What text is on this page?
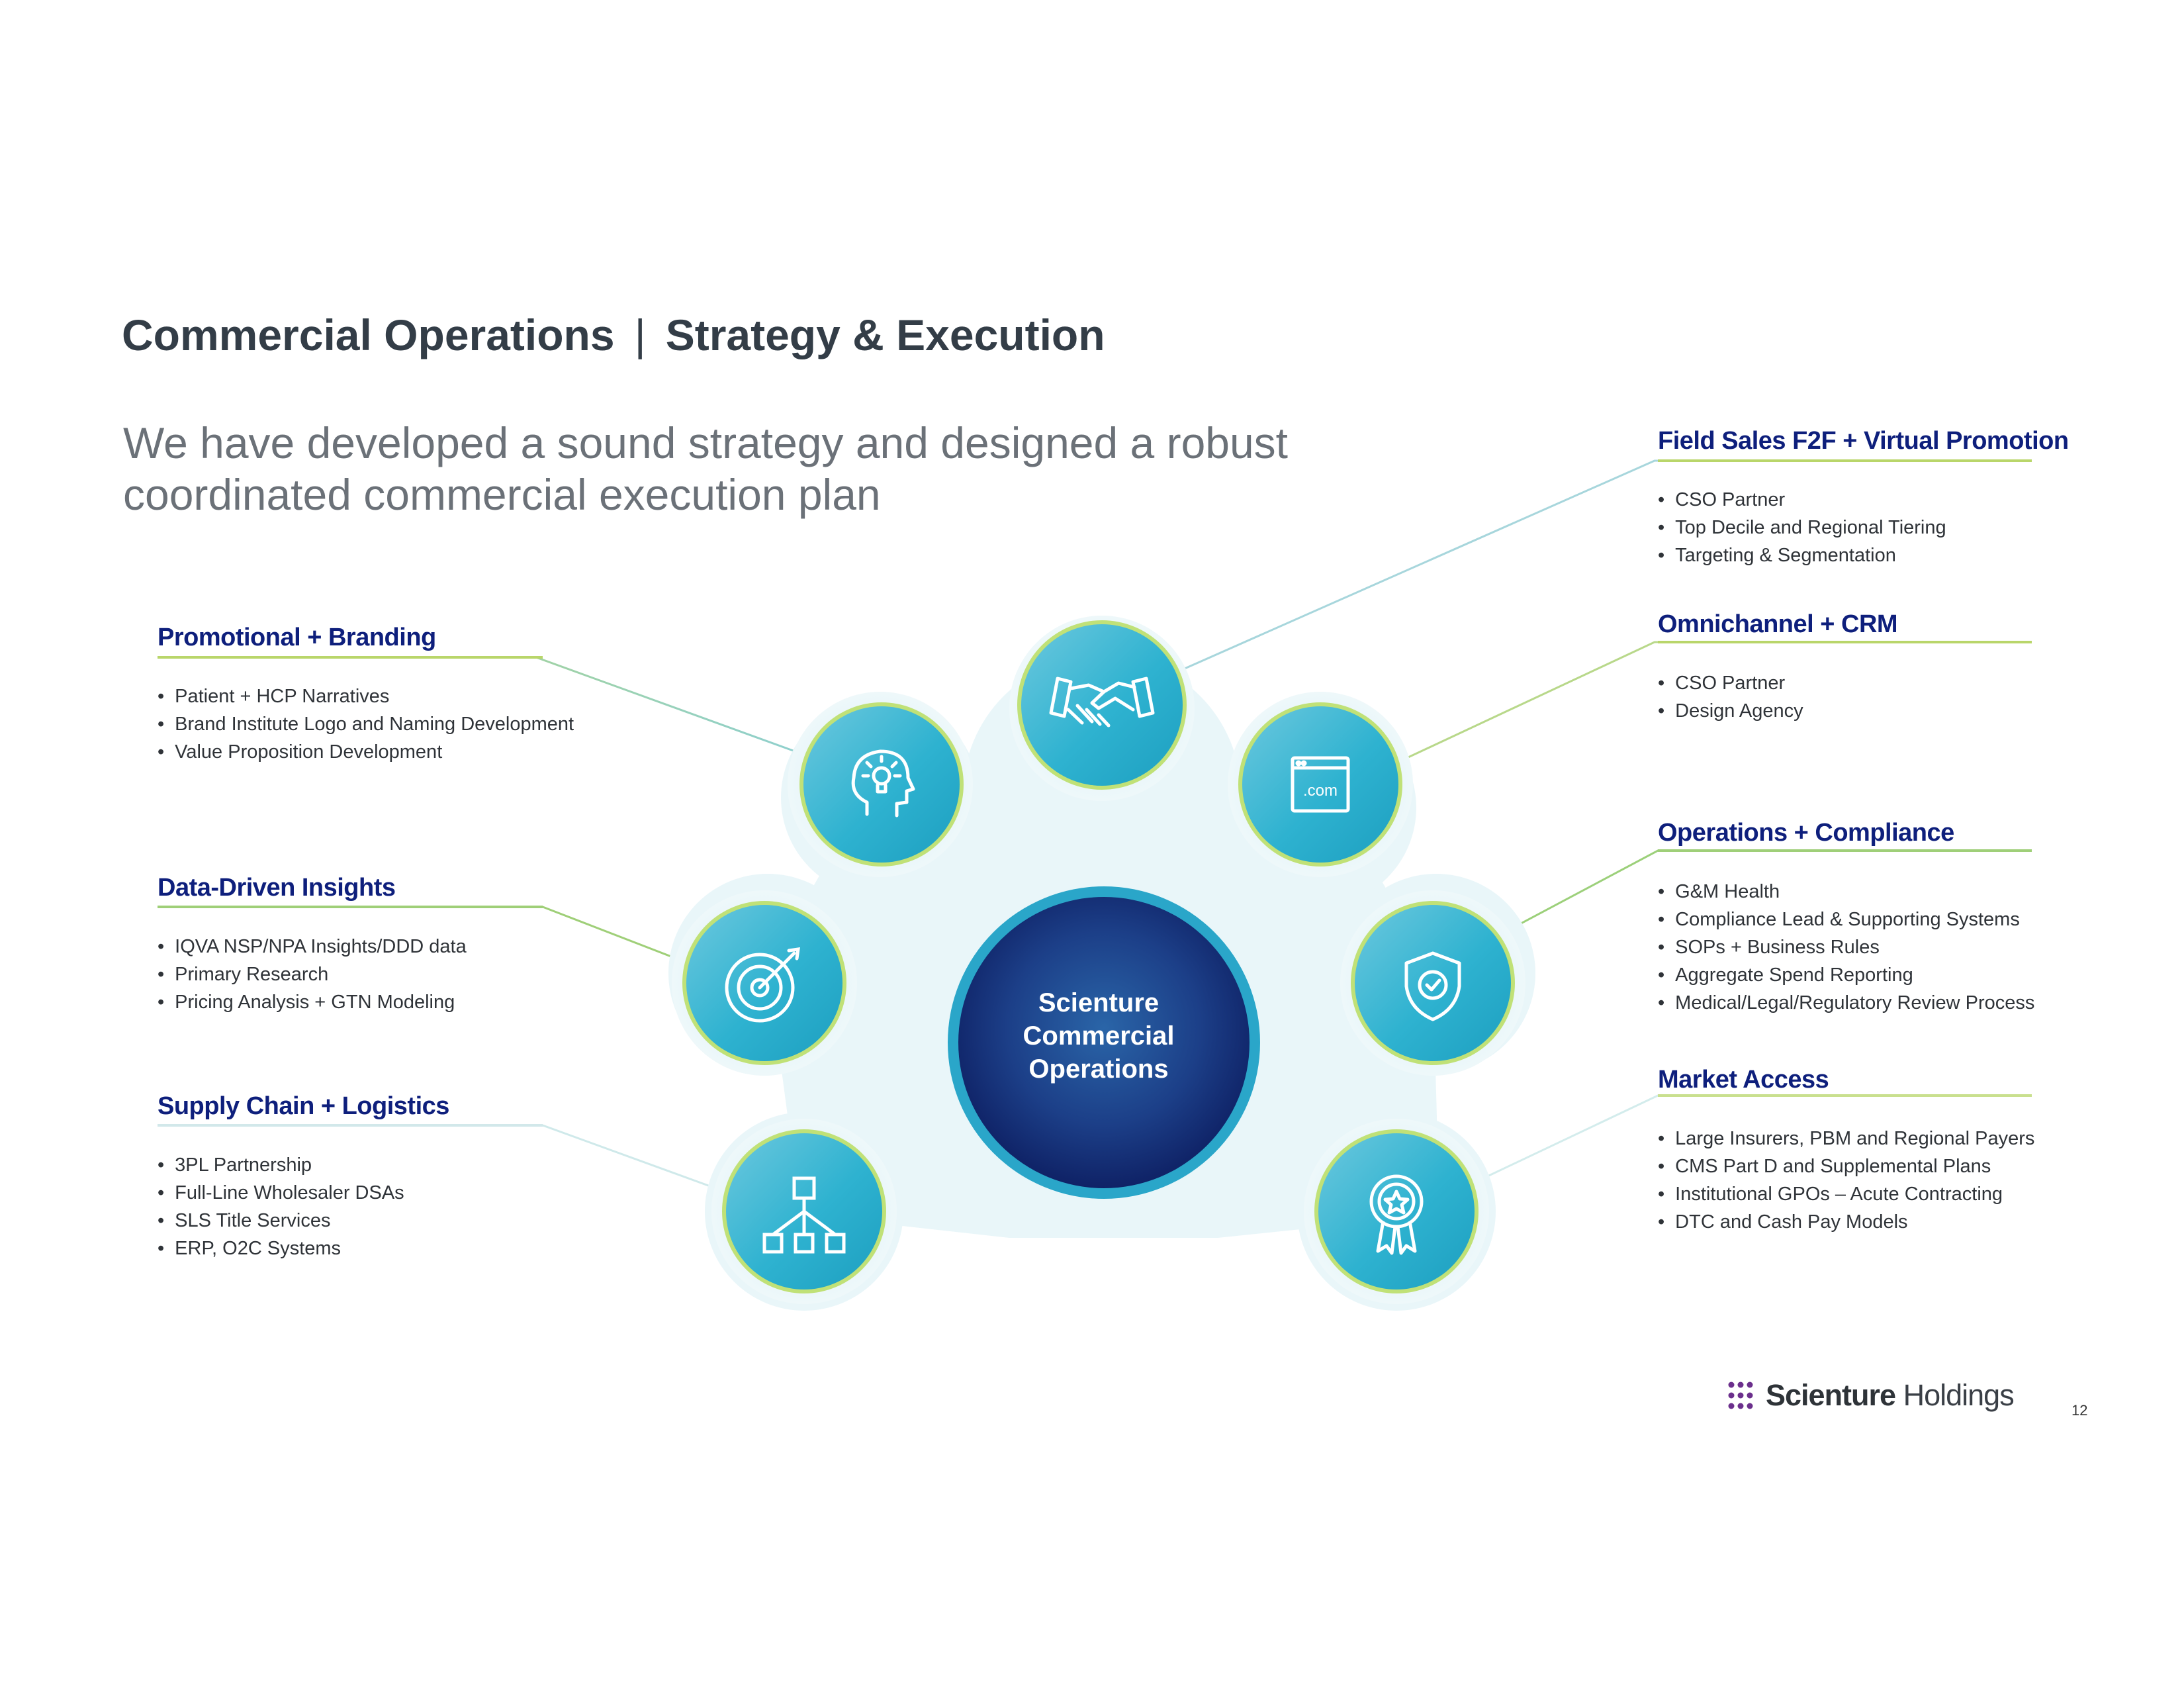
Commercial Operations | Strategy & Execution
We have developed a sound strategy and designed a robust coordinated commercial execution plan
.com
Scienture
Commercial
Operations
Promotional + Branding
• Patient + HCP Narratives
• Brand Institute Logo and Naming Development
• Value Proposition Development
Data-Driven Insights
• IQVA NSP/NPA Insights/DDD data
• Primary Research
• Pricing Analysis + GTN Modeling
Supply Chain + Logistics
• 3PL Partnership
• Full-Line Wholesaler DSAs
• SLS Title Services
• ERP, O2C Systems
Field Sales F2F + Virtual Promotion
• CSO Partner
• Top Decile and Regional Tiering
• Targeting & Segmentation
Omnichannel + CRM
• CSO Partner
• Design Agency
Operations + Compliance
• G&M Health
• Compliance Lead & Supporting Systems
• SOPs + Business Rules
• Aggregate Spend Reporting
• Medical/Legal/Regulatory Review Process
Market Access
• Large Insurers, PBM and Regional Payers
• CMS Part D and Supplemental Plans
• Institutional GPOs – Acute Contracting
• DTC and Cash Pay Models
Scienture Holdings	12
